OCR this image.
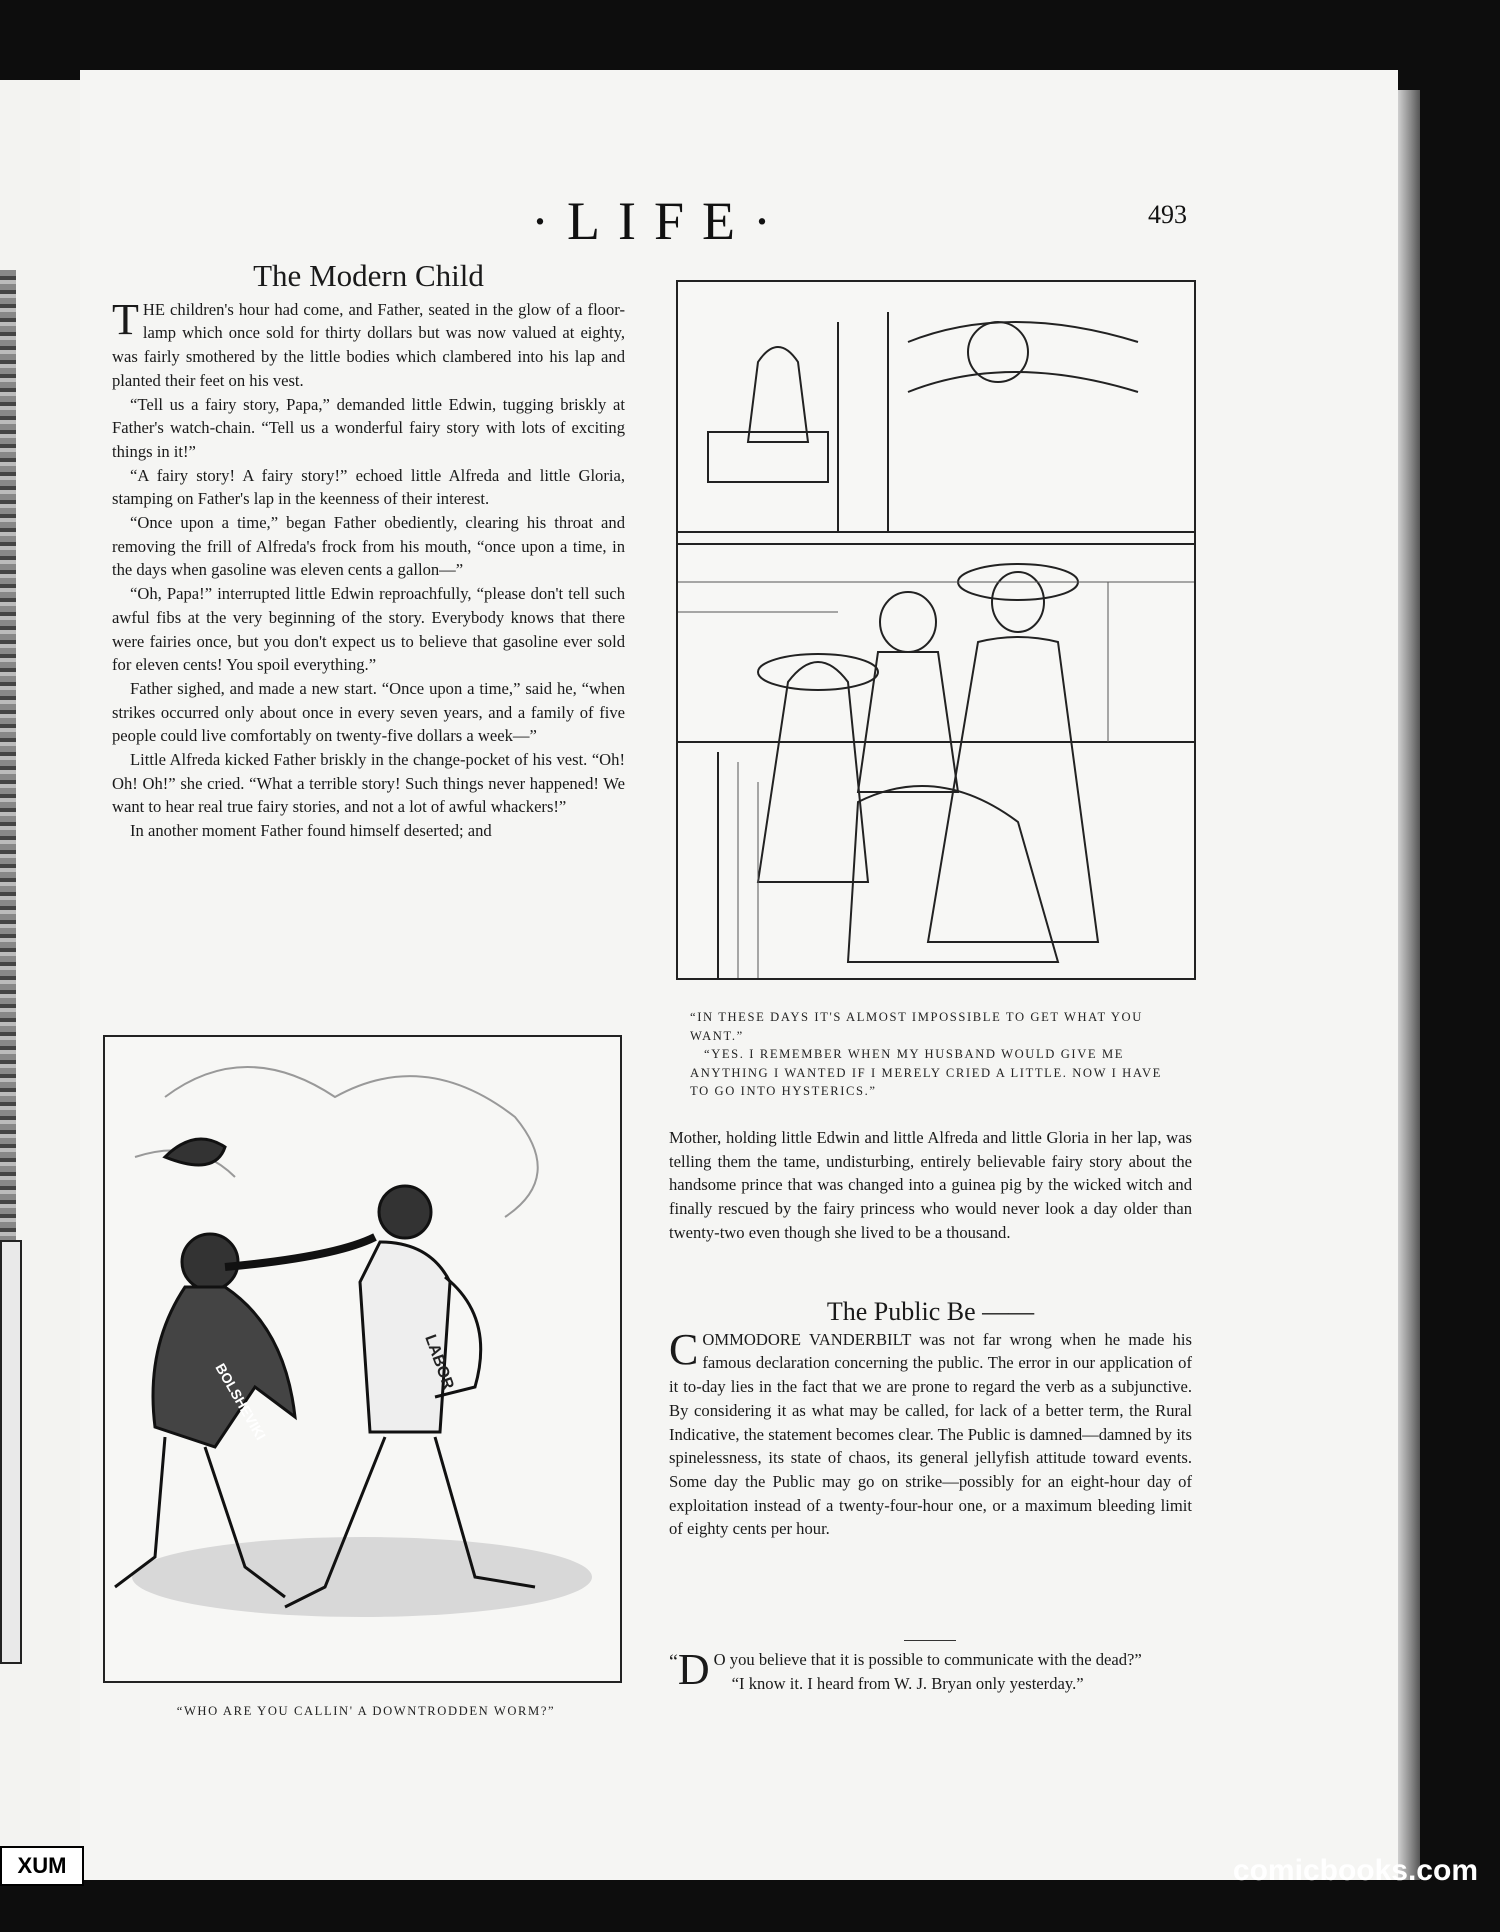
·LIFE·	493
The Modern Child

THE children's hour had come, and Father, seated in the glow of a floor-lamp which once sold for thirty dollars but was now valued at eighty, was fairly smothered by the little bodies which clambered into his lap and planted their feet on his vest.

“Tell us a fairy story, Papa,” demanded little Edwin, tugging briskly at Father's watch-chain. “Tell us a wonderful fairy story with lots of exciting things in it!”

“A fairy story! A fairy story!” echoed little Alfreda and little Gloria, stamping on Father's lap in the keenness of their interest.

“Once upon a time,” began Father obediently, clearing his throat and removing the frill of Alfreda's frock from his mouth, “once upon a time, in the days when gasoline was eleven cents a gallon—”

“Oh, Papa!” interrupted little Edwin reproachfully, “please don't tell such awful fibs at the very beginning of the story. Everybody knows that there were fairies once, but you don't expect us to believe that gasoline ever sold for eleven cents! You spoil everything.”

Father sighed, and made a new start. “Once upon a time,” said he, “when strikes occurred only about once in every seven years, and a family of five people could live comfortably on twenty-five dollars a week—”

Little Alfreda kicked Father briskly in the change-pocket of his vest. “Oh! Oh! Oh!” she cried. “What a terrible story! Such things never happened! We want to hear real true fairy stories, and not a lot of awful whackers!”

In another moment Father found himself deserted; and

“IN THESE DAYS IT'S ALMOST IMPOSSIBLE TO GET WHAT YOU WANT.”
“YES. I REMEMBER WHEN MY HUSBAND WOULD GIVE ME ANYTHING I WANTED IF I MERELY CRIED A LITTLE. NOW I HAVE TO GO INTO HYSTERICS.”
LABOR
BOLSHEVIKI
“WHO ARE YOU CALLIN' A DOWNTRODDEN WORM?”
Mother, holding little Edwin and little Alfreda and little Gloria in her lap, was telling them the tame, undisturbing, entirely believable fairy story about the handsome prince that was changed into a guinea pig by the wicked witch and finally rescued by the fairy princess who would never look a day older than twenty-two even though she lived to be a thousand.
The Public Be ——

COMMODORE VANDERBILT was not far wrong when he made his famous declaration concerning the public. The error in our application of it to-day lies in the fact that we are prone to regard the verb as a subjunctive. By considering it as what may be called, for lack of a better term, the Rural Indicative, the statement becomes clear. The Public is damned—damned by its spinelessness, its state of chaos, its general jellyfish attitude toward events. Some day the Public may go on strike—possibly for an eight-hour day of exploitation instead of a twenty-four-hour one, or a maximum bleeding limit of eighty cents per hour.

“ D O you believe that it is possible to communicate with the dead?”

“I know it. I heard from W. J. Bryan only yesterday.”

XUM	comicbooks.com
